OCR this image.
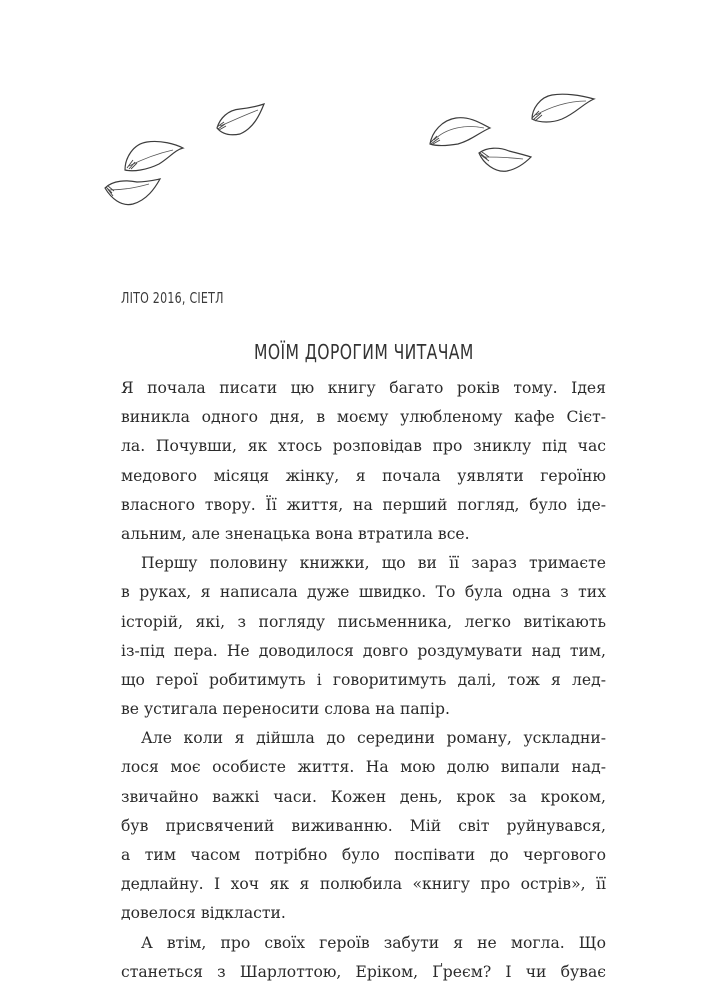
ЛІТО 2016, СІЕТЛ
МОЇМ ДОРОГИМ ЧИТАЧАМ

Я почала писати цю книгу багато років тому. Ідея
виникла одного дня, в моєму улюбленому кафе Сієт-
ла. Почувши, як хтось розповідав про зниклу під час
медового місяця жінку, я почала уявляти героїню
власного твору. Її життя, на перший погляд, було іде-
альним, але зненацька вона втратила все.

Першу половину книжки, що ви її зараз тримаєте
в руках, я написала дуже швидко. То була одна з тих
історій, які, з погляду письменника, легко витікають
із-під пера. Не доводилося довго роздумувати над тим,
що герої робитимуть і говоритимуть далі, тож я лед-
ве устигала переносити слова на папір.

Але коли я дійшла до середини роману, ускладни-
лося моє особисте життя. На мою долю випали над-
звичайно важкі часи. Кожен день, крок за кроком,
був присвячений виживанню. Мій світ руйнувався,
а тим часом потрібно було поспівати до чергового
дедлайну. І хоч як я полюбила «книгу про острів», її
довелося відкласти.

А втім, про своїх героїв забути я не могла. Що
станеться з Шарлоттою, Еріком, Ґреєм? І чи буває
